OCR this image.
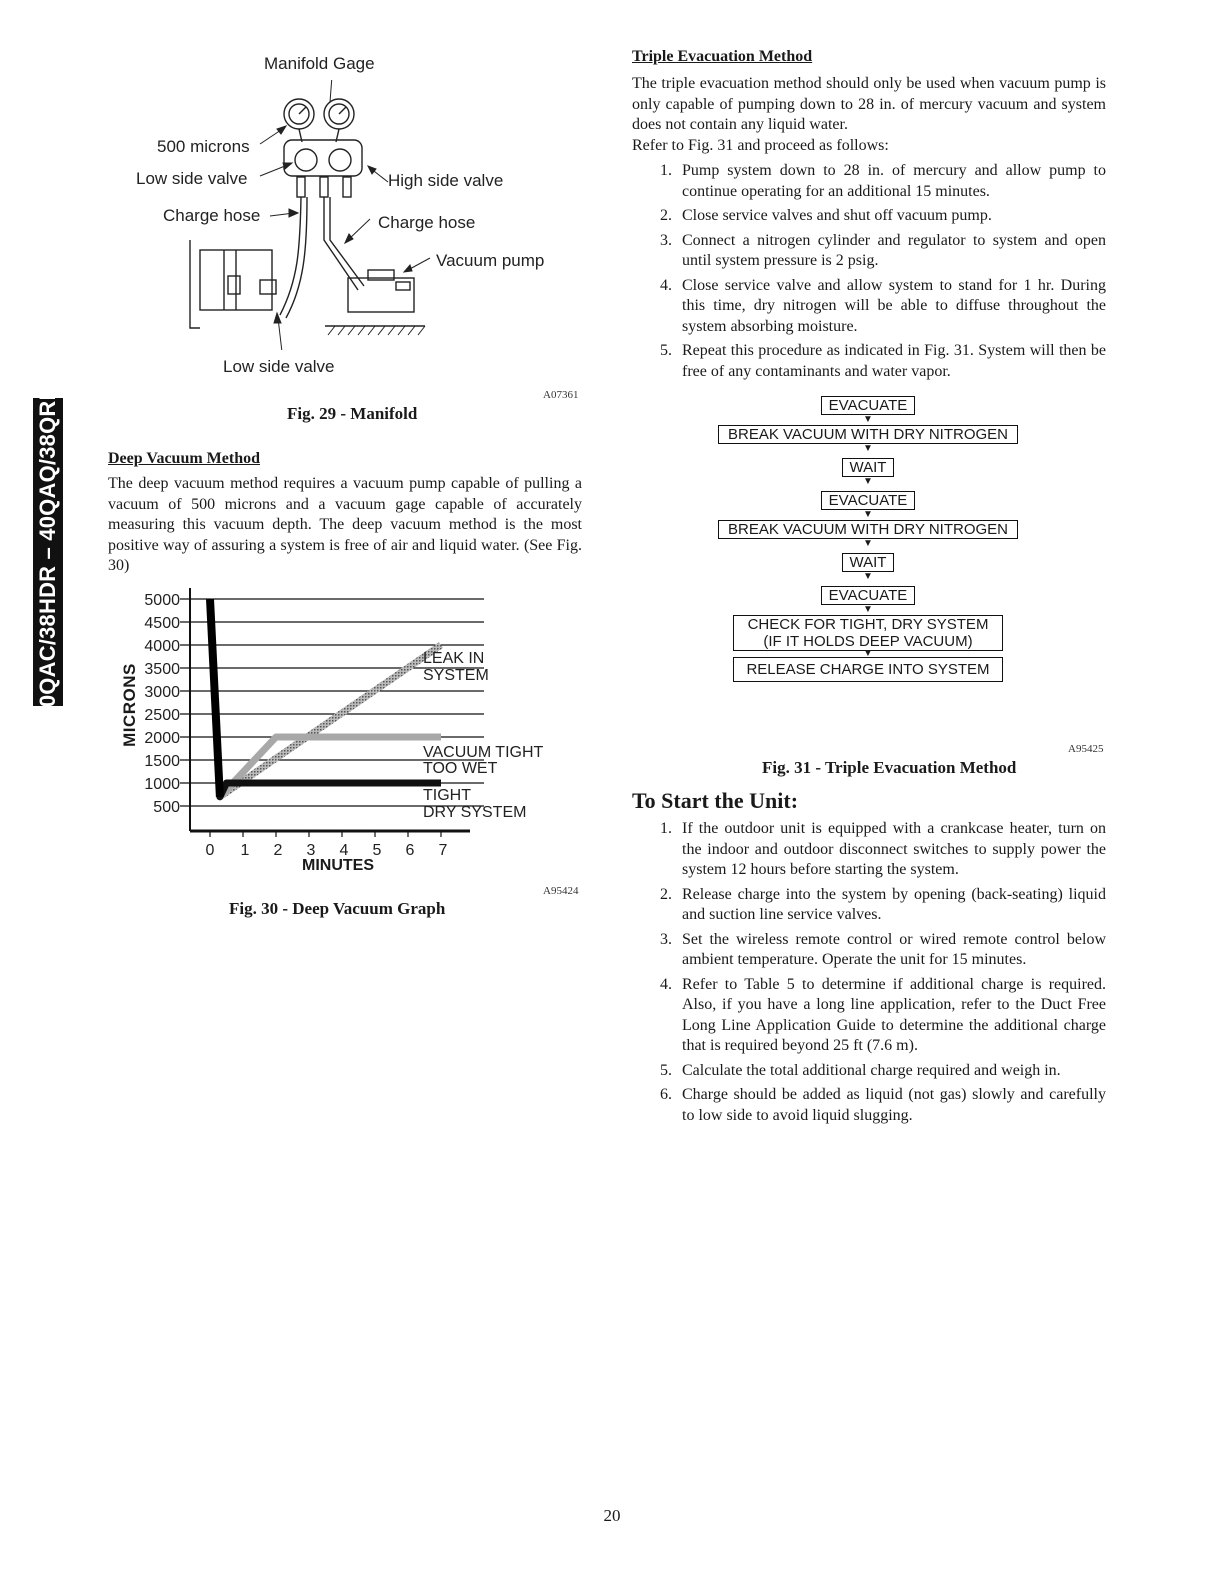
40QAC/38HDR – 40QAQ/38QRR
Manifold Gage
500 microns
Low side valve	High side valve
Charge hose	Charge hose
Vacuum pump
Low side valve
A07361
Fig. 29 - Manifold
Deep Vacuum Method
The deep vacuum method requires a vacuum pump capable of pulling a vacuum of 500 microns and a vacuum gage capable of accurately measuring this vacuum depth. The deep vacuum method is the most positive way of assuring a system is free of air and liquid water. (See Fig. 30)
5000
4500
4000
3500
3000
2500
2000
1500
1000
500
0 1 2 3 4 5 6 7
MICRONS
MINUTES
LEAK IN
SYSTEM
VACUUM TIGHT
TOO WET
TIGHT
DRY SYSTEM
A95424
Fig. 30 - Deep Vacuum Graph
Triple Evacuation Method
The triple evacuation method should only be used when vacuum pump is only capable of pumping down to 28 in. of mercury vacuum and system does not contain any liquid water.
Refer to Fig. 31 and proceed as follows:
1. Pump system down to 28 in. of mercury and allow pump to continue operating for an additional 15 minutes.
2. Close service valves and shut off vacuum pump.
3. Connect a nitrogen cylinder and regulator to system and open until system pressure is 2 psig.
4. Close service valve and allow system to stand for 1 hr. During this time, dry nitrogen will be able to diffuse throughout the system absorbing moisture.
5. Repeat this procedure as indicated in Fig. 31. System will then be free of any contaminants and water vapor.
EVACUATE
▼
BREAK VACUUM WITH DRY NITROGEN
▼
WAIT
▼
EVACUATE
▼
BREAK VACUUM WITH DRY NITROGEN
▼
WAIT
▼
EVACUATE
▼
CHECK FOR TIGHT, DRY SYSTEM
(IF IT HOLDS DEEP VACUUM)
▼
RELEASE CHARGE INTO SYSTEM
A95425
Fig. 31 - Triple Evacuation Method
To Start the Unit:
1. If the outdoor unit is equipped with a crankcase heater, turn on the indoor and outdoor disconnect switches to supply power the system 12 hours before starting the system.
2. Release charge into the system by opening (back-seating) liquid and suction line service valves.
3. Set the wireless remote control or wired remote control below ambient temperature. Operate the unit for 15 minutes.
4. Refer to Table 5 to determine if additional charge is required. Also, if you have a long line application, refer to the Duct Free Long Line Application Guide to determine the additional charge that is required beyond 25 ft (7.6 m).
5. Calculate the total additional charge required and weigh in.
6. Charge should be added as liquid (not gas) slowly and carefully to low side to avoid liquid slugging.
20
